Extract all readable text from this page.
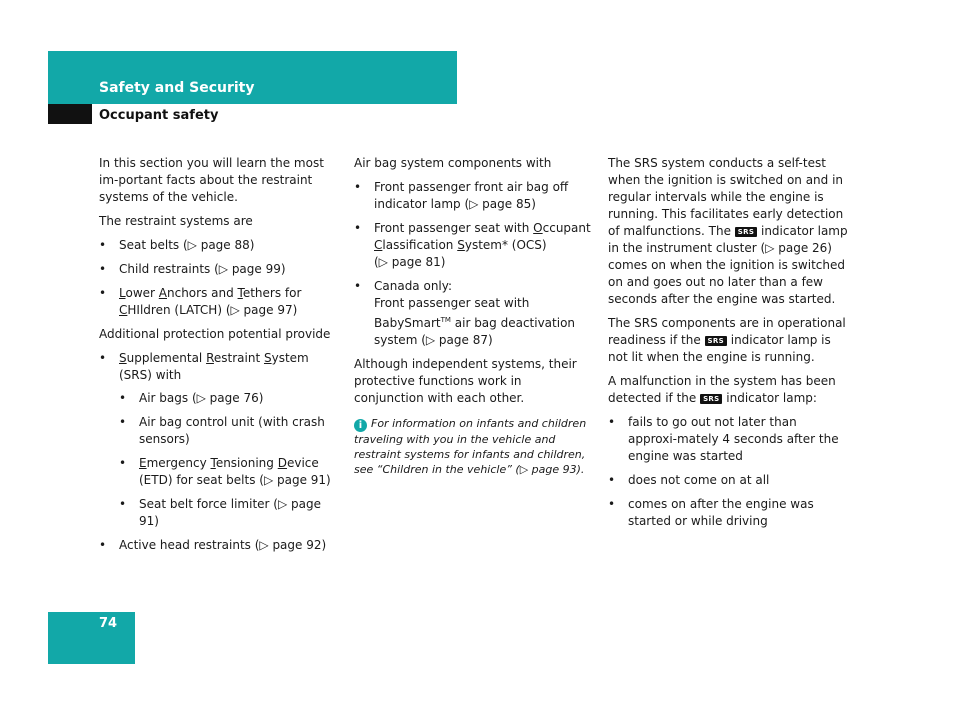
Safety and Security
Occupant safety

In this section you will learn the most im-portant facts about the restraint systems of the vehicle.

The restraint systems are

• Seat belts (▷ page 88)
• Child restraints (▷ page 99)
• Lower Anchors and Tethers for CHIldren (LATCH) (▷ page 97)

Additional protection potential provide

• Supplemental Restraint System (SRS) with
• Air bags (▷ page 76)
• Air bag control unit (with crash sensors)
• Emergency Tensioning Device (ETD) for seat belts (▷ page 91)
• Seat belt force limiter (▷ page 91)
• Active head restraints (▷ page 92)

Air bag system components with

• Front passenger front air bag off indicator lamp (▷ page 85)
• Front passenger seat with Occupant Classification System* (OCS)
(▷ page 81)
• Canada only:
Front passenger seat with
BabySmart™ air bag deactivation system (▷ page 87)

Although independent systems, their protective functions work in conjunction with each other.

i For information on infants and children traveling with you in the vehicle and restraint systems for infants and children, see “Children in the vehicle” (▷ page 93).

The SRS system conducts a self-test when the ignition is switched on and in regular intervals while the engine is running. This facilitates early detection of malfunctions. The SRS indicator lamp in the instrument cluster (▷ page 26) comes on when the ignition is switched on and goes out no later than a few seconds after the engine was started.

The SRS components are in operational readiness if the SRS indicator lamp is not lit when the engine is running.

A malfunction in the system has been detected if the SRS indicator lamp:

• fails to go out not later than approxi-mately 4 seconds after the engine was started
• does not come on at all
• comes on after the engine was started or while driving
74
